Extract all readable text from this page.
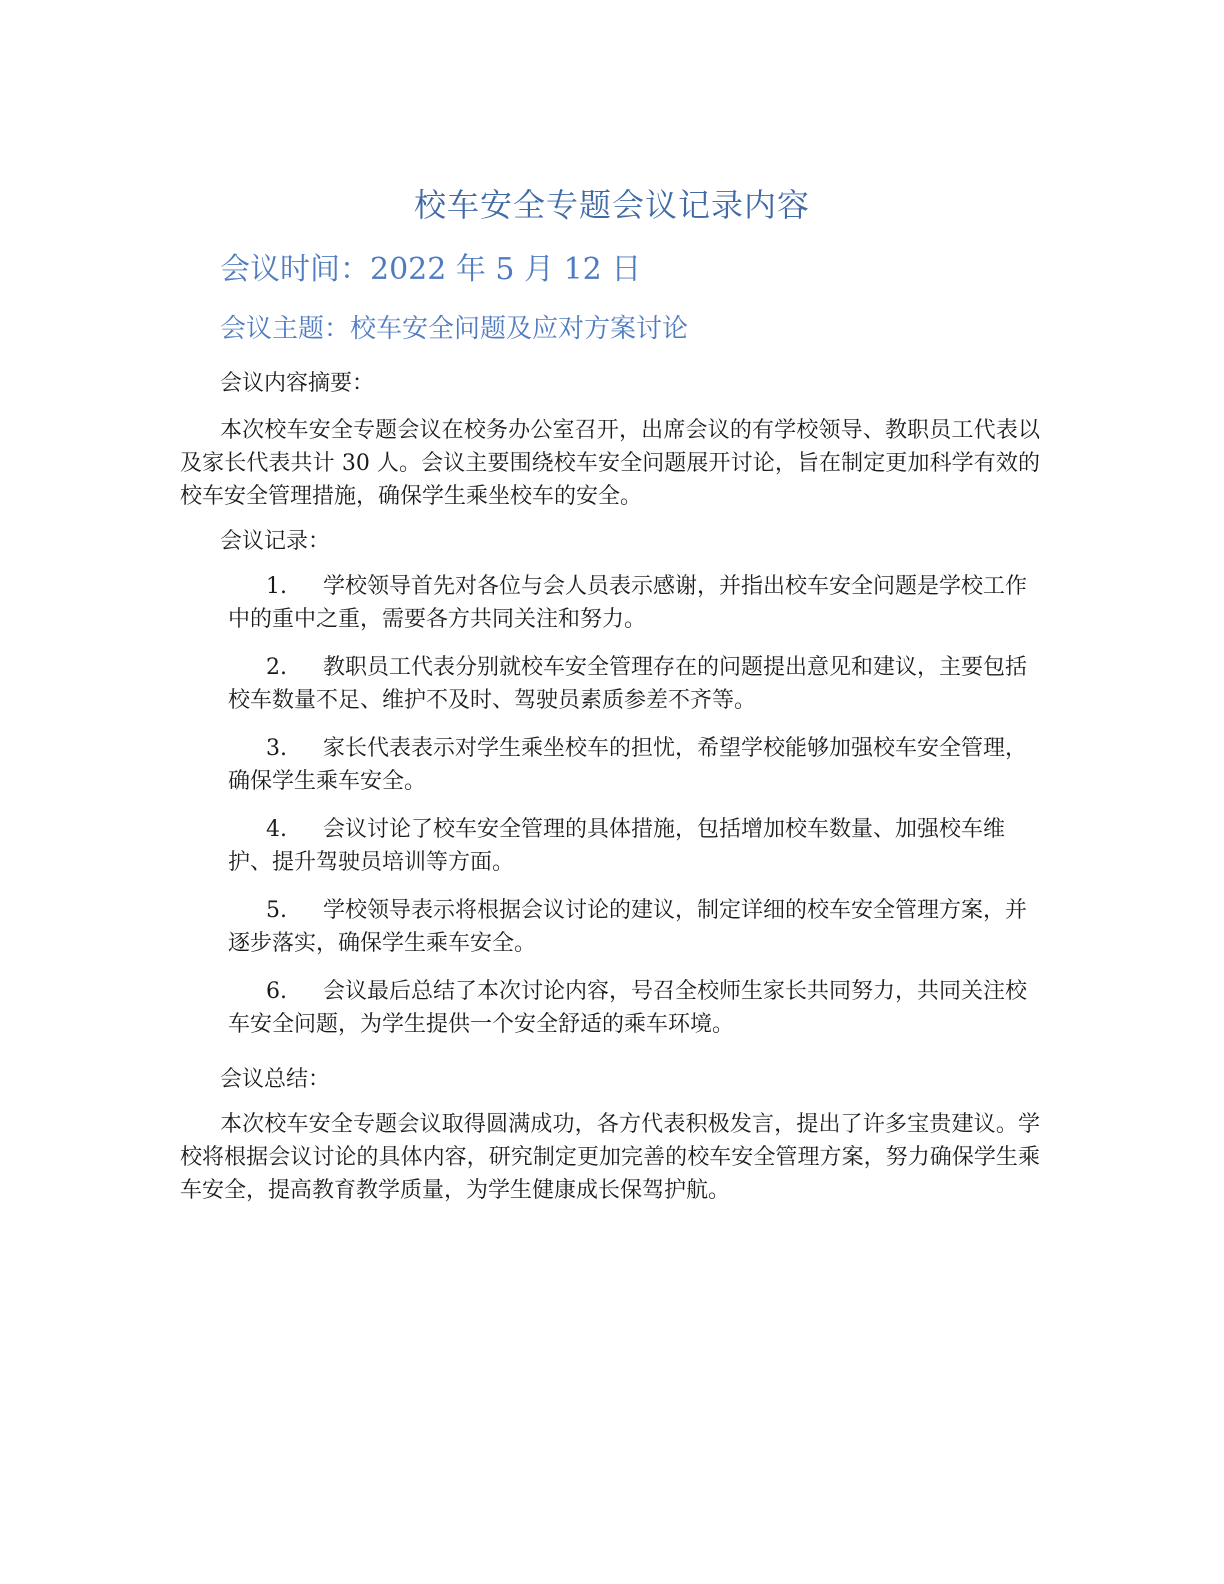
校车安全专题会议记录内容
会议时间：2022 年 5 月 12 日
会议主题：校车安全问题及应对方案讨论
会议内容摘要：
本次校车安全专题会议在校务办公室召开，出席会议的有学校领导、教职员工代表以及家长代表共计 30 人。会议主要围绕校车安全问题展开讨论，旨在制定更加科学有效的校车安全管理措施，确保学生乘坐校车的安全。
会议记录：
1. 学校领导首先对各位与会人员表示感谢，并指出校车安全问题是学校工作中的重中之重，需要各方共同关注和努力。
2. 教职员工代表分别就校车安全管理存在的问题提出意见和建议，主要包括校车数量不足、维护不及时、驾驶员素质参差不齐等。
3. 家长代表表示对学生乘坐校车的担忧，希望学校能够加强校车安全管理，确保学生乘车安全。
4. 会议讨论了校车安全管理的具体措施，包括增加校车数量、加强校车维护、提升驾驶员培训等方面。
5. 学校领导表示将根据会议讨论的建议，制定详细的校车安全管理方案，并逐步落实，确保学生乘车安全。
6. 会议最后总结了本次讨论内容，号召全校师生家长共同努力，共同关注校车安全问题，为学生提供一个安全舒适的乘车环境。
会议总结：
本次校车安全专题会议取得圆满成功，各方代表积极发言，提出了许多宝贵建议。学校将根据会议讨论的具体内容，研究制定更加完善的校车安全管理方案，努力确保学生乘车安全，提高教育教学质量，为学生健康成长保驾护航。
